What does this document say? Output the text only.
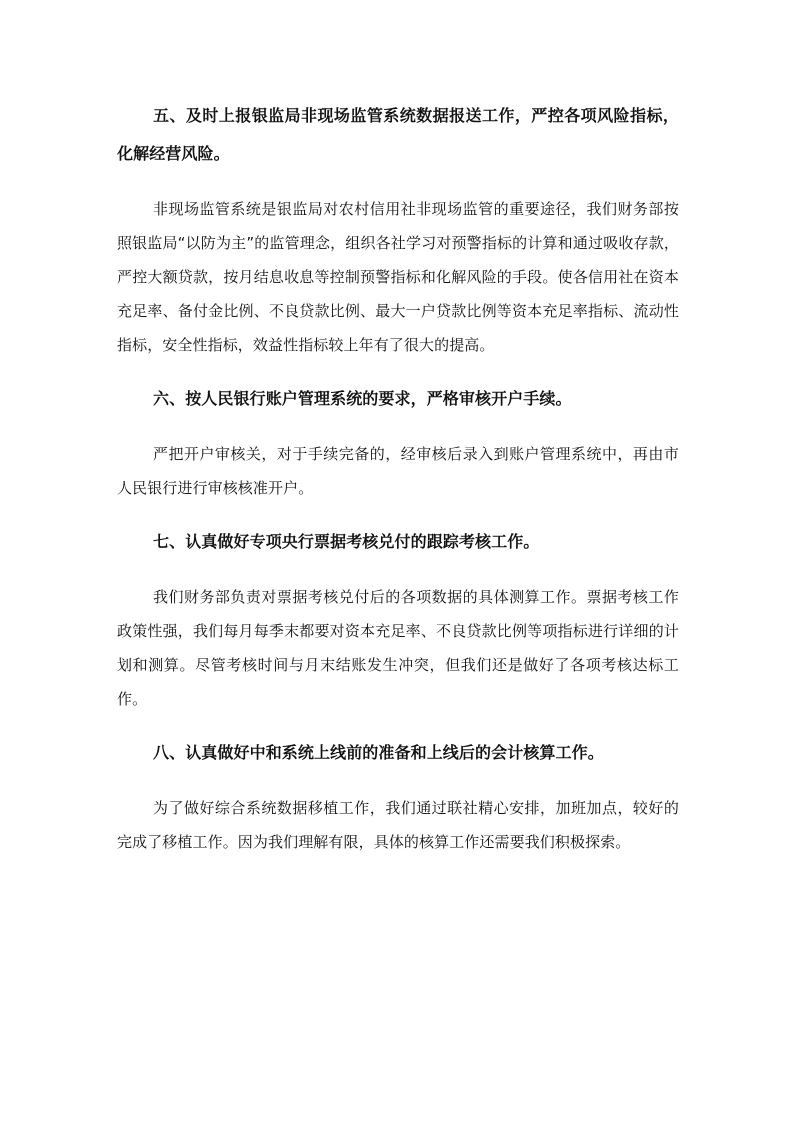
五、及时上报银监局非现场监管系统数据报送工作，严控各项风险指标，化解经营风险。

非现场监管系统是银监局对农村信用社非现场监管的重要途径，我们财务部按照银监局“以防为主”的监管理念，组织各社学习对预警指标的计算和通过吸收存款，严控大额贷款，按月结息收息等控制预警指标和化解风险的手段。使各信用社在资本充足率、备付金比例、不良贷款比例、最大一户贷款比例等资本充足率指标、流动性指标，安全性指标，效益性指标较上年有了很大的提高。

六、按人民银行账户管理系统的要求，严格审核开户手续。

严把开户审核关，对于手续完备的，经审核后录入到账户管理系统中，再由市人民银行进行审核核准开户。

七、认真做好专项央行票据考核兑付的跟踪考核工作。

我们财务部负责对票据考核兑付后的各项数据的具体测算工作。票据考核工作政策性强，我们每月每季末都要对资本充足率、不良贷款比例等项指标进行详细的计划和测算。尽管考核时间与月末结账发生冲突，但我们还是做好了各项考核达标工作。

八、认真做好中和系统上线前的准备和上线后的会计核算工作。

为了做好综合系统数据移植工作，我们通过联社精心安排，加班加点，较好的完成了移植工作。因为我们理解有限，具体的核算工作还需要我们积极探索。
